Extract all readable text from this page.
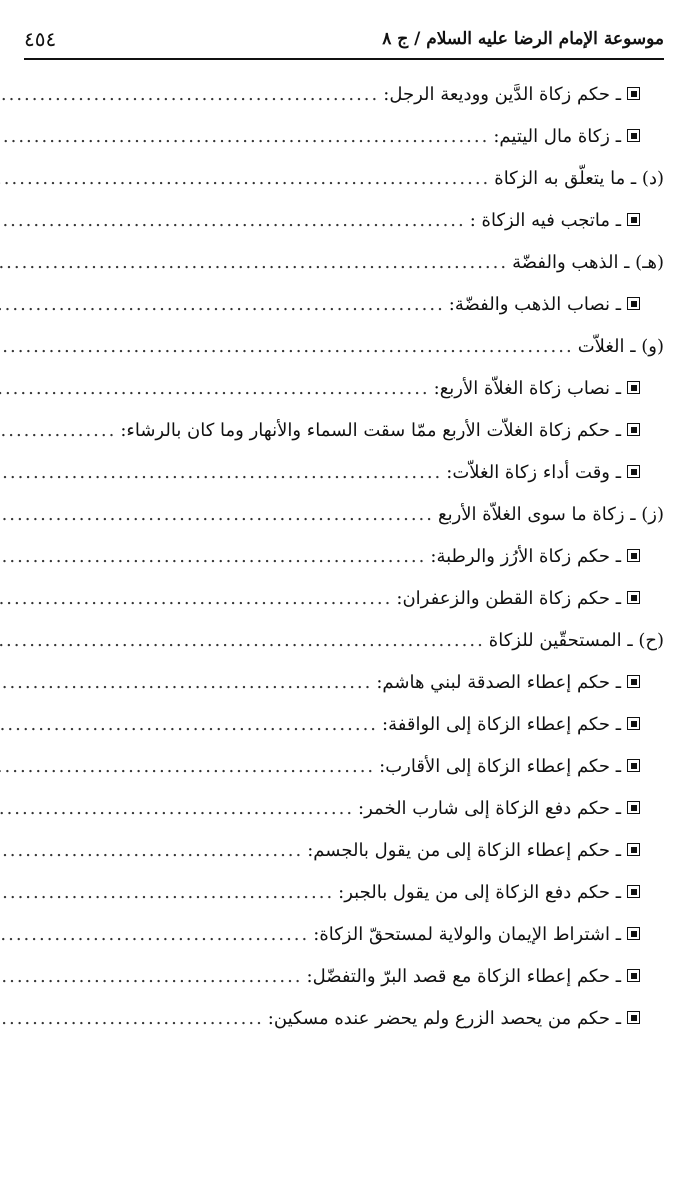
موسوعة الإمام الرضا عليه السلام / ج ٨
٤٥٤
ـ حكم زكاة الدَّين ووديعة الرجل:
.....
ـ زكاة مال اليتيم:
.....
(د) ـ ما يتعلّق به الزكاة
.....
ـ ماتجب فيه الزكاة :
.....
(هـ) ـ الذهب والفضّة
.....
ـ نصاب الذهب والفضّة:
.....
(و) ـ الغلاّت
.....
ـ نصاب زكاة الغلاّة الأربع:
.....
ـ حكم زكاة الغلاّت الأربع ممّا سقت السماء والأنهار وما كان بالرشاء:
.....
ـ وقت أداء زكاة الغلاّت:
.....
(ز) ـ زكاة ما سوى الغلاّة الأربع
.....
ـ حكم زكاة الأرُز والرطبة:
.....
ـ حكم زكاة القطن والزعفران:
.....
(ح) ـ المستحقّين للزكاة
.....
ـ حكم إعطاء الصدقة لبني هاشم:
.....
ـ حكم إعطاء الزكاة إلى الواقفة:
.....
ـ حكم إعطاء الزكاة إلى الأقارب:
.....
ـ حكم دفع الزكاة إلى شارب الخمر:
.....
ـ حكم إعطاء الزكاة إلى من يقول بالجسم:
.....
ـ حكم دفع الزكاة إلى من يقول بالجبر:
.....
ـ اشتراط الإيمان والولاية لمستحقّ الزكاة:
.....
ـ حكم إعطاء الزكاة مع قصد البرّ والتفضّل:
.....
ـ حكم من يحصد الزرع ولم يحضر عنده مسكين:
.....
